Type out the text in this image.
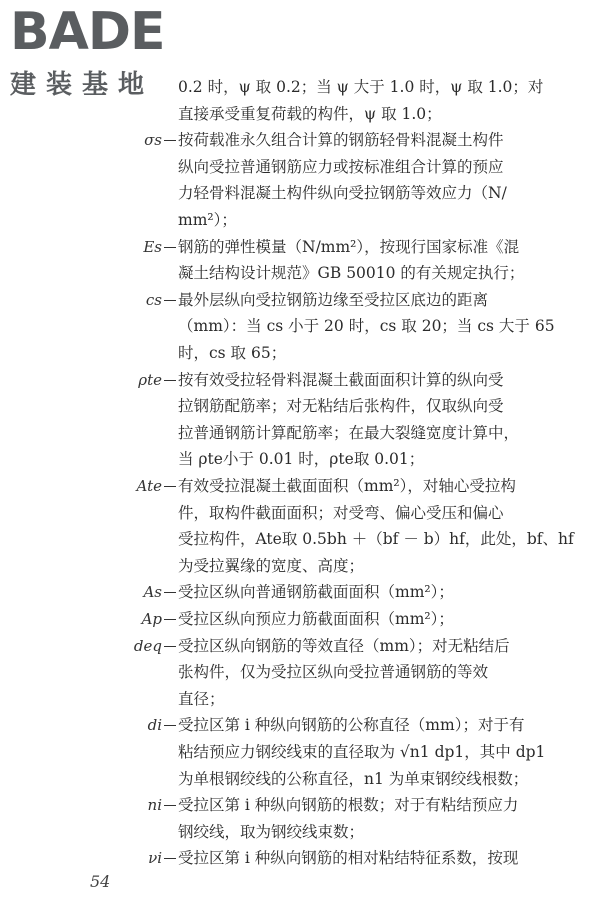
BADE
建装基地	0.2 时，ψ 取 0.2；当 ψ 大于 1.0 时，ψ 取 1.0；对
直接承受重复荷载的构件，ψ 取 1.0；
σs 按荷载准永久组合计算的钢筋轻骨料混凝土构件
纵向受拉普通钢筋应力或按标准组合计算的预应
力轻骨料混凝土构件纵向受拉钢筋等效应力（N/
mm²）；
Es 钢筋的弹性模量（N/mm²），按现行国家标准《混
凝土结构设计规范》GB 50010 的有关规定执行；
cs 最外层纵向受拉钢筋边缘至受拉区底边的距离
（mm）：当 cs 小于 20 时，cs 取 20；当 cs 大于 65
时，cs 取 65；
ρte 按有效受拉轻骨料混凝土截面面积计算的纵向受
拉钢筋配筋率；对无粘结后张构件，仅取纵向受
拉普通钢筋计算配筋率；在最大裂缝宽度计算中，
当 ρte小于 0.01 时，ρte取 0.01；
Ate 有效受拉混凝土截面面积（mm²），对轴心受拉构
件，取构件截面面积；对受弯、偏心受压和偏心
受拉构件，Ate取 0.5bh ＋（bf － b）hf，此处，bf、hf
为受拉翼缘的宽度、高度；
As 受拉区纵向普通钢筋截面面积（mm²）；
Ap 受拉区纵向预应力筋截面面积（mm²）；
deq 受拉区纵向钢筋的等效直径（mm）；对无粘结后
张构件，仅为受拉区纵向受拉普通钢筋的等效
直径；
di 受拉区第 i 种纵向钢筋的公称直径（mm）；对于有
粘结预应力钢绞线束的直径取为 √n1 dp1，其中 dp1
为单根钢绞线的公称直径，n1 为单束钢绞线根数；
ni 受拉区第 i 种纵向钢筋的根数；对于有粘结预应力
钢绞线，取为钢绞线束数；
νi 受拉区第 i 种纵向钢筋的相对粘结特征系数，按现
54
